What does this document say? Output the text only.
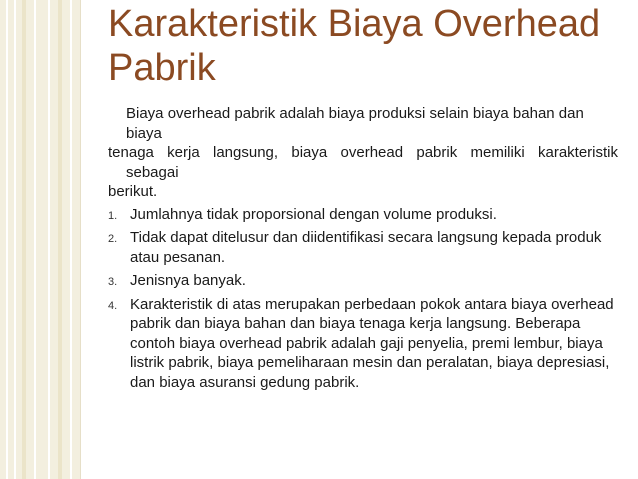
Karakteristik Biaya Overhead Pabrik

Biaya overhead pabrik adalah biaya produksi selain biaya bahan dan

biaya

tenaga kerja langsung, biaya overhead pabrik memiliki karakteristik

sebagai

berikut.

1. Jumlahnya tidak proporsional dengan volume produksi.
2. Tidak dapat ditelusur dan diidentifikasi secara langsung kepada produk atau pesanan.
3. Jenisnya banyak.
4. Karakteristik di atas merupakan perbedaan pokok antara biaya overhead pabrik dan biaya bahan dan biaya tenaga kerja langsung. Beberapa contoh biaya overhead pabrik adalah gaji penyelia, premi lembur, biaya listrik pabrik, biaya pemeliharaan mesin dan peralatan, biaya depresiasi, dan biaya asuransi gedung pabrik.
